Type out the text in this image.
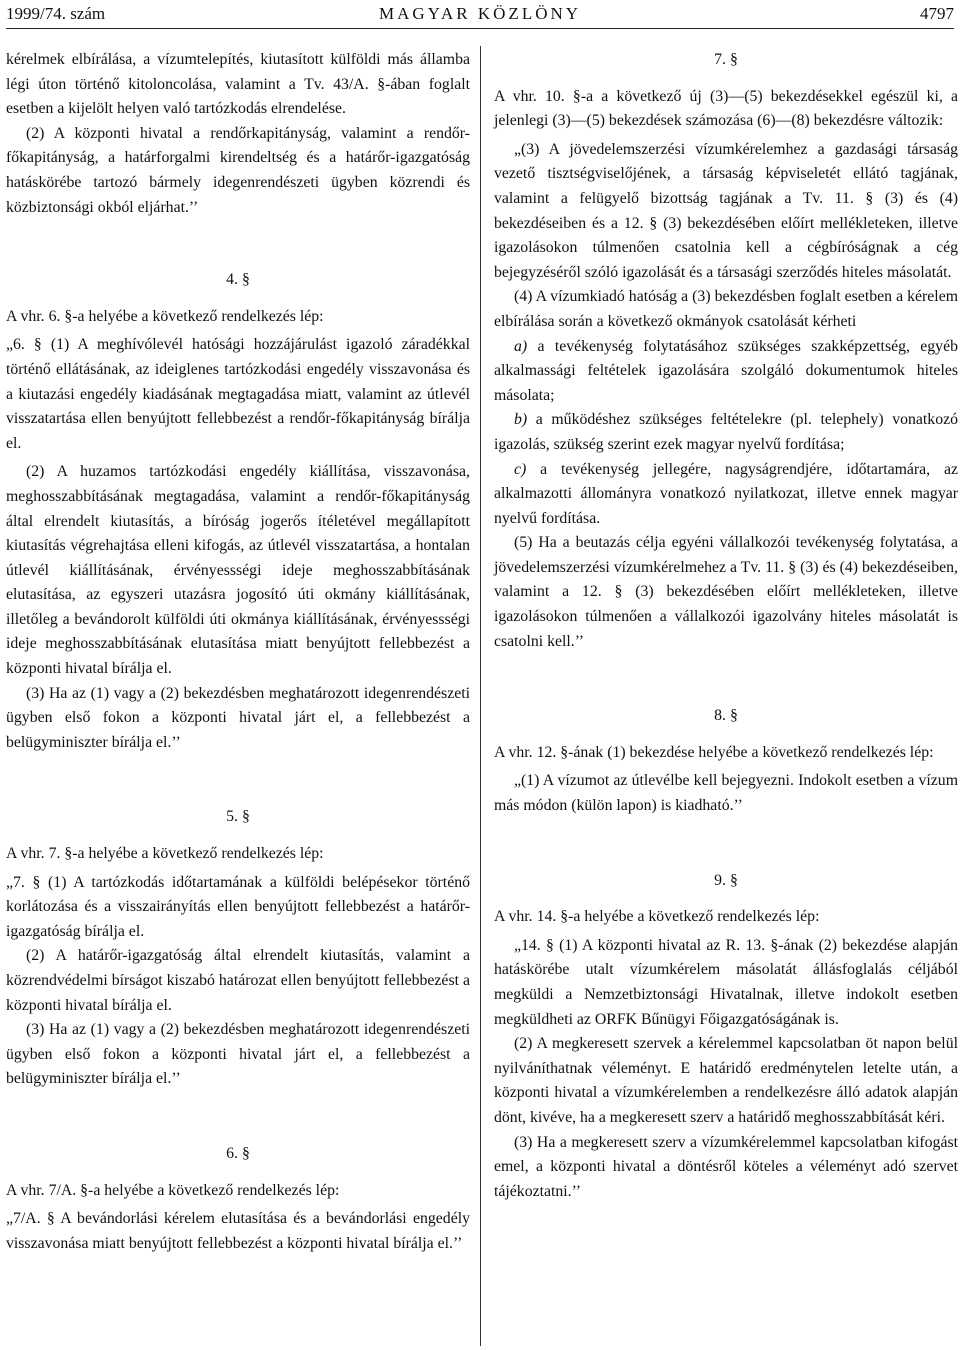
1999/74. szám	MAGYAR KÖZLÖNY	4797

kérelmek elbírálása, a vízumtelepítés, kiutasított külföldi más államba légi úton történő kitoloncolása, valamint a Tv. 43/A. §-ában foglalt esetben a kijelölt helyen való tartózkodás elrendelése.

(2) A központi hivatal a rendőrkapitányság, valamint a rendőr-főkapitányság, a határforgalmi kirendeltség és a határőr-igazgatóság hatáskörébe tartozó bármely idegenrendészeti ügyben közrendi és közbiztonsági okból eljárhat.’’

4. §

A vhr. 6. §-a helyébe a következő rendelkezés lép:

„6. § (1) A meghívólevél hatósági hozzájárulást igazoló záradékkal történő ellátásának, az ideiglenes tartózkodási engedély visszavonása és a kiutazási engedély kiadásának megtagadása miatt, valamint az útlevél visszatartása ellen benyújtott fellebbezést a rendőr-főkapitányság bírálja el.

(2) A huzamos tartózkodási engedély kiállítása, visszavonása, meghosszabbításának megtagadása, valamint a rendőr-főkapitányság által elrendelt kiutasítás, a bíróság jogerős ítéletével megállapított kiutasítás végrehajtása elleni kifogás, az útlevél visszatartása, a hontalan útlevél kiállításának, érvényessségi ideje meghosszabbításának elutasítása, az egyszeri utazásra jogosító úti okmány kiállításának, illetőleg a bevándorolt külföldi úti okmánya kiállításának, érvényessségi ideje meghosszabbításának elutasítása miatt benyújtott fellebbezést a központi hivatal bírálja el.

(3) Ha az (1) vagy a (2) bekezdésben meghatározott idegenrendészeti ügyben első fokon a központi hivatal járt el, a fellebbezést a belügyminiszter bírálja el.’’

5. §

A vhr. 7. §-a helyébe a következő rendelkezés lép:

„7. § (1) A tartózkodás időtartamának a külföldi belépésekor történő korlátozása és a visszairányítás ellen benyújtott fellebbezést a határőr-igazgatóság bírálja el.

(2) A határőr-igazgatóság által elrendelt kiutasítás, valamint a közrendvédelmi bírságot kiszabó határozat ellen benyújtott fellebbezést a központi hivatal bírálja el.

(3) Ha az (1) vagy a (2) bekezdésben meghatározott idegenrendészeti ügyben első fokon a központi hivatal járt el, a fellebbezést a belügyminiszter bírálja el.’’

6. §

A vhr. 7/A. §-a helyébe a következő rendelkezés lép:

„7/A. § A bevándorlási kérelem elutasítása és a bevándorlási engedély visszavonása miatt benyújtott fellebbezést a központi hivatal bírálja el.’’

7. §

A vhr. 10. §-a a következő új (3)—(5) bekezdésekkel egészül ki, a jelenlegi (3)—(5) bekezdések számozása (6)—(8) bekezdésre változik:

„(3) A jövedelemszerzési vízumkérelemhez a gazdasági társaság vezető tisztségviselőjének, a társaság képviseletét ellátó tagjának, valamint a felügyelő bizottság tagjának a Tv. 11. § (3) és (4) bekezdéseiben és a 12. § (3) bekezdésében előírt mellékleteken, illetve igazolásokon túlmenően csatolnia kell a cégbíróságnak a cég bejegyzéséről szóló igazolását és a társasági szerződés hiteles másolatát.

(4) A vízumkiadó hatóság a (3) bekezdésben foglalt esetben a kérelem elbírálása során a következő okmányok csatolását kérheti

a) a tevékenység folytatásához szükséges szakképzettség, egyéb alkalmassági feltételek igazolására szolgáló dokumentumok hiteles másolata;

b) a működéshez szükséges feltételekre (pl. telephely) vonatkozó igazolás, szükség szerint ezek magyar nyelvű fordítása;

c) a tevékenység jellegére, nagyságrendjére, időtartamára, az alkalmazotti állományra vonatkozó nyilatkozat, illetve ennek magyar nyelvű fordítása.

(5) Ha a beutazás célja egyéni vállalkozói tevékenység folytatása, a jövedelemszerzési vízumkérelmehez a Tv. 11. § (3) és (4) bekezdéseiben, valamint a 12. § (3) bekezdésében előírt mellékleteken, illetve igazolásokon túlmenően a vállalkozói igazolvány hiteles másolatát is csatolni kell.’’

8. §

A vhr. 12. §-ának (1) bekezdése helyébe a következő rendelkezés lép:

„(1) A vízumot az útlevélbe kell bejegyezni. Indokolt esetben a vízum más módon (külön lapon) is kiadható.’’

9. §

A vhr. 14. §-a helyébe a következő rendelkezés lép:

„14. § (1) A központi hivatal az R. 13. §-ának (2) bekezdése alapján hatáskörébe utalt vízumkérelem másolatát állásfoglalás céljából megküldi a Nemzetbiztonsági Hivatalnak, illetve indokolt esetben megküldheti az ORFK Bűnügyi Főigazgatóságának is.

(2) A megkeresett szervek a kérelemmel kapcsolatban öt napon belül nyilváníthatnak véleményt. E határidő eredménytelen letelte után, a központi hivatal a vízumkérelemben a rendelkezésre álló adatok alapján dönt, kivéve, ha a megkeresett szerv a határidő meghosszabbítását kéri.

(3) Ha a megkeresett szerv a vízumkérelemmel kapcsolatban kifogást emel, a központi hivatal a döntésről köteles a véleményt adó szervet tájékoztatni.’’
